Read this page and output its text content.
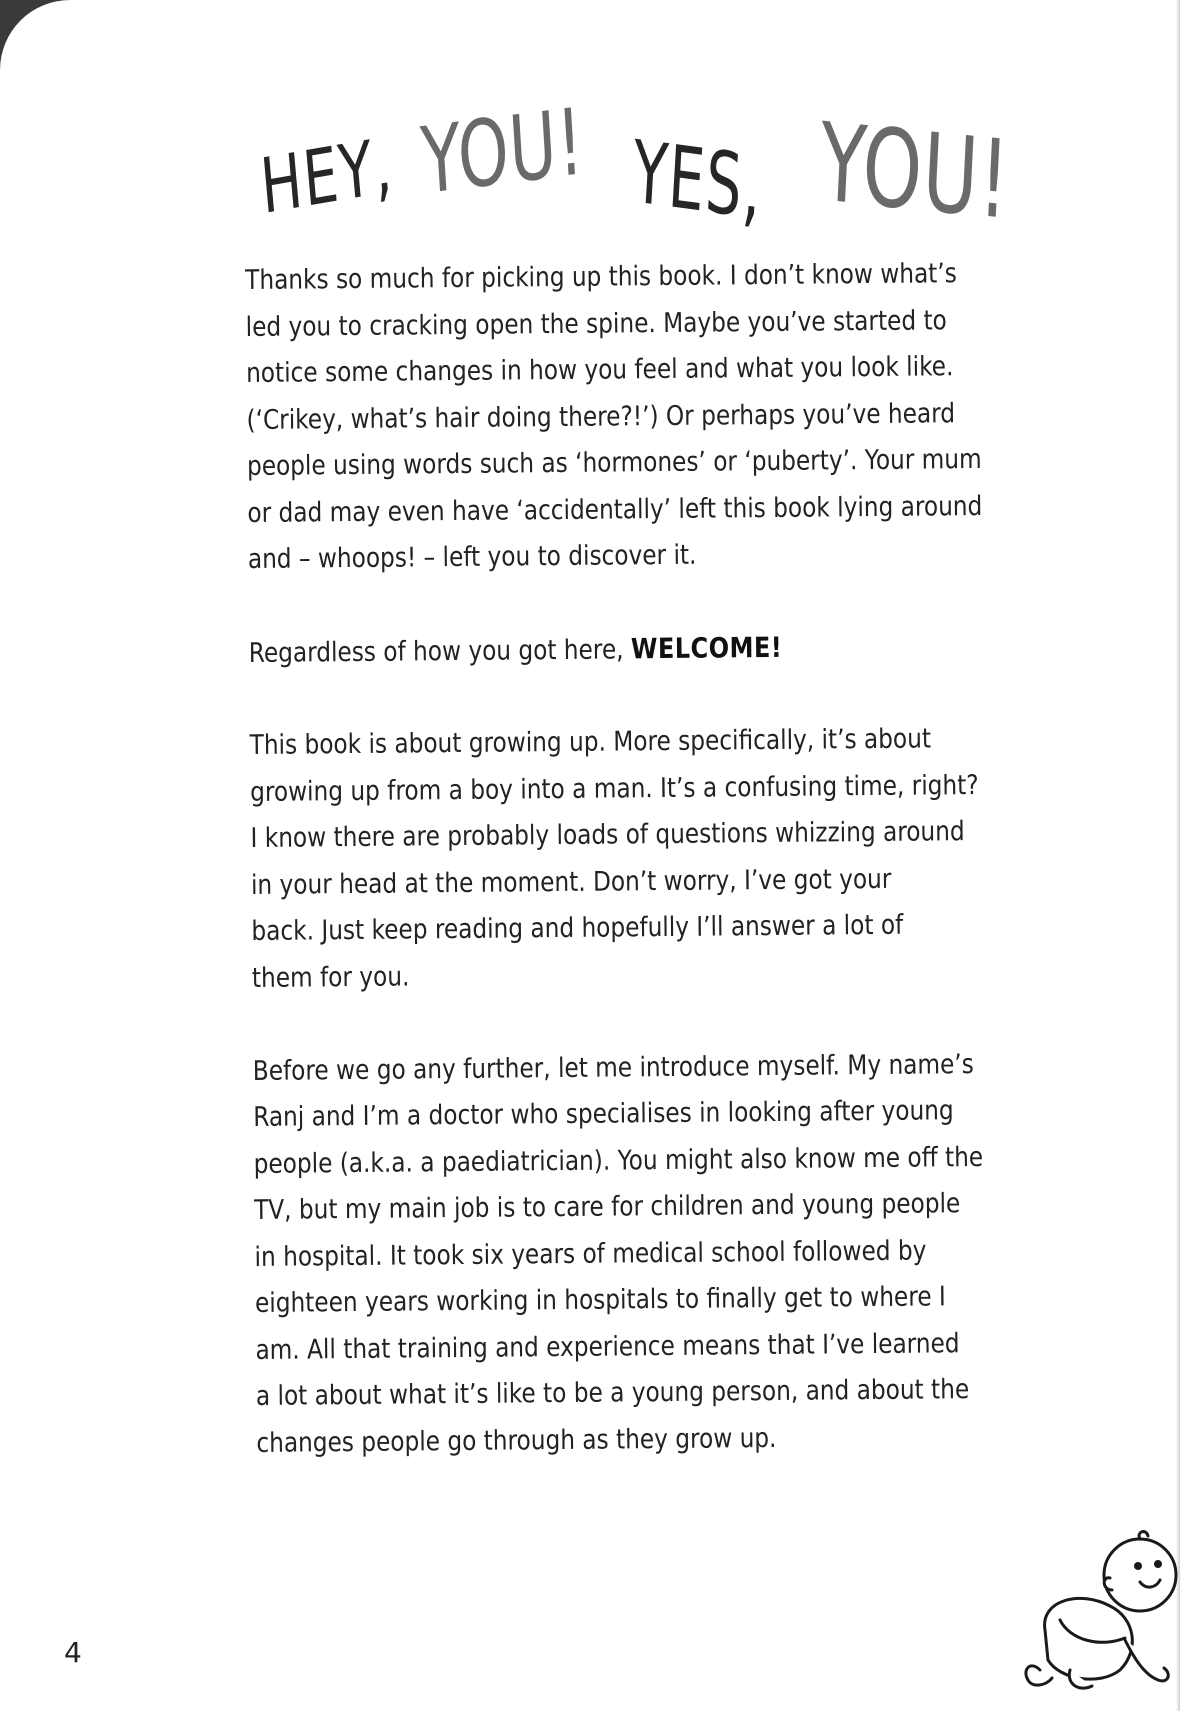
HEY, YOU! YES, YOU!
Thanks so much for picking up this book. I don’t know what’s
led you to cracking open the spine. Maybe you’ve started to
notice some changes in how you feel and what you look like.
(‘Crikey, what’s hair doing there?!’) Or perhaps you’ve heard
people using words such as ‘hormones’ or ‘puberty’. Your mum
or dad may even have ‘accidentally’ left this book lying around
and – whoops! – left you to discover it.
Regardless of how you got here, WELCOME!
This book is about growing up. More specifically, it’s about
growing up from a boy into a man. It’s a confusing time, right?
I know there are probably loads of questions whizzing around
in your head at the moment. Don’t worry, I’ve got your
back. Just keep reading and hopefully I’ll answer a lot of
them for you.
Before we go any further, let me introduce myself. My name’s
Ranj and I’m a doctor who specialises in looking after young
people (a.k.a. a paediatrician). You might also know me off the
TV, but my main job is to care for children and young people
in hospital. It took six years of medical school followed by
eighteen years working in hospitals to finally get to where I
am. All that training and experience means that I’ve learned
a lot about what it’s like to be a young person, and about the
changes people go through as they grow up.
4
